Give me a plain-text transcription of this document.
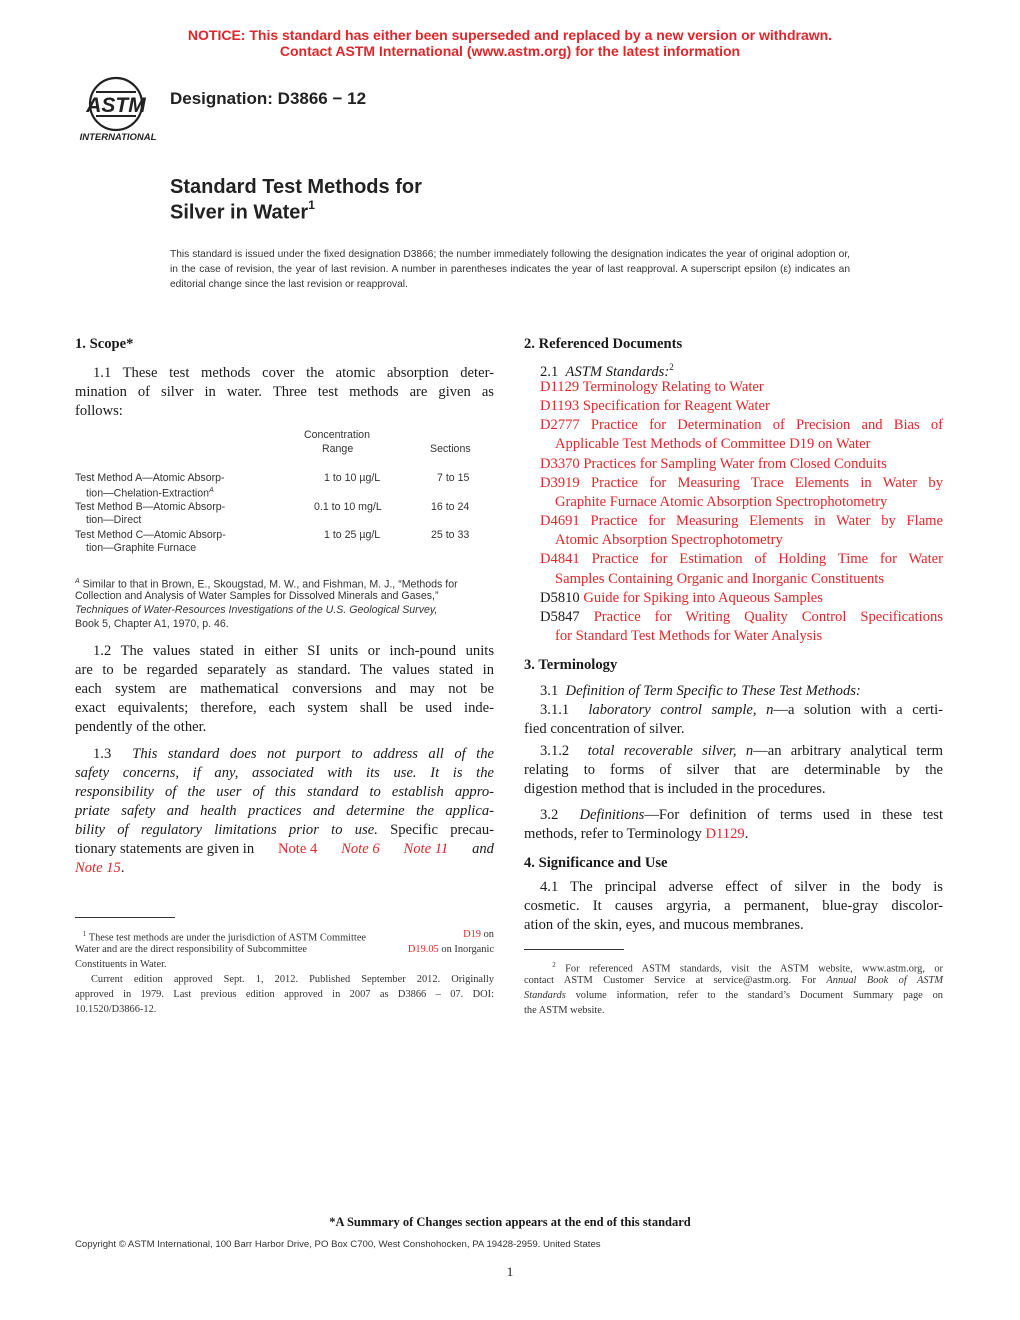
NOTICE: This standard has either been superseded and replaced by a new version or withdrawn.
Contact ASTM International (www.astm.org) for the latest information
ASTM
INTERNATIONAL
Designation: D3866 − 12
Standard Test Methods for
Silver in Water$^1$
This standard is issued under the fixed designation D3866; the number immediately following the designation indicates the year of original adoption or, in the case of revision, the year of last revision. A number in parentheses indicates the year of last reapproval. A superscript epsilon (ε) indicates an editorial change since the last revision or reapproval.
1. Scope*
1.1 These test methods cover the atomic absorption deter-
mination of silver in water. Three test methods are given as
follows:
Concentration
Range	Sections
Test Method A—Atomic Absorp-
tion—Chelation-Extraction$^A$
1 to 10 µg/L	7 to 15
Test Method B—Atomic Absorp-
tion—Direct
0.1 to 10 mg/L	16 to 24
Test Method C—Atomic Absorp-
tion—Graphite Furnace
1 to 25 µg/L	25 to 33
$^A$ Similar to that in Brown, E., Skougstad, M. W., and Fishman, M. J., “Methods for
Collection and Analysis of Water Samples for Dissolved Minerals and Gases,”
Techniques of Water-Resources Investigations of the U.S. Geological Survey,
Book 5, Chapter A1, 1970, p. 46.
1.2 The values stated in either SI units or inch-pound units
are to be regarded separately as standard. The values stated in
each system are mathematical conversions and may not be
exact equivalents; therefore, each system shall be used inde-
pendently of the other.
1.3 This standard does not purport to address all of the
safety concerns, if any, associated with its use. It is the
responsibility of the user of this standard to establish appro-
priate safety and health practices and determine the applica-
bility of regulatory limitations prior to use. Specific precau-
tionary statements are given in Note 4 Note 6 Note 11 and
Note 15.
$^1$ These test methods are under the jurisdiction of ASTM Committee	D19 on
Water and are the direct responsibility of Subcommittee	D19.05 on Inorganic
Constituents in Water.
Current edition approved Sept. 1, 2012. Published September 2012. Originally
approved in 1979. Last previous edition approved in 2007 as D3866 – 07. DOI:
10.1520/D3866-12.
2. Referenced Documents
2.1 ASTM Standards:$^2$
D1129 Terminology Relating to Water
D1193 Specification for Reagent Water
D2777 Practice for Determination of Precision and Bias of
Applicable Test Methods of Committee D19 on Water
D3370 Practices for Sampling Water from Closed Conduits
D3919 Practice for Measuring Trace Elements in Water by
Graphite Furnace Atomic Absorption Spectrophotometry
D4691 Practice for Measuring Elements in Water by Flame
Atomic Absorption Spectrophotometry
D4841 Practice for Estimation of Holding Time for Water
Samples Containing Organic and Inorganic Constituents
D5810 Guide for Spiking into Aqueous Samples
D5847 Practice for Writing Quality Control Specifications
for Standard Test Methods for Water Analysis
3. Terminology
3.1 Definition of Term Specific to These Test Methods:
3.1.1 laboratory control sample, n—a solution with a certi-
fied concentration of silver.
3.1.2 total recoverable silver, n—an arbitrary analytical term
relating to forms of silver that are determinable by the
digestion method that is included in the procedures.
3.2 Definitions—For definition of terms used in these test
methods, refer to Terminology D1129.
4. Significance and Use
4.1 The principal adverse effect of silver in the body is
cosmetic. It causes argyria, a permanent, blue-gray discolor-
ation of the skin, eyes, and mucous membranes.
$^2$ For referenced ASTM standards, visit the ASTM website, www.astm.org, or
contact ASTM Customer Service at service@astm.org. For Annual Book of ASTM
Standards volume information, refer to the standard’s Document Summary page on
the ASTM website.
*A Summary of Changes section appears at the end of this standard
Copyright © ASTM International, 100 Barr Harbor Drive, PO Box C700, West Conshohocken, PA 19428-2959. United States
1
